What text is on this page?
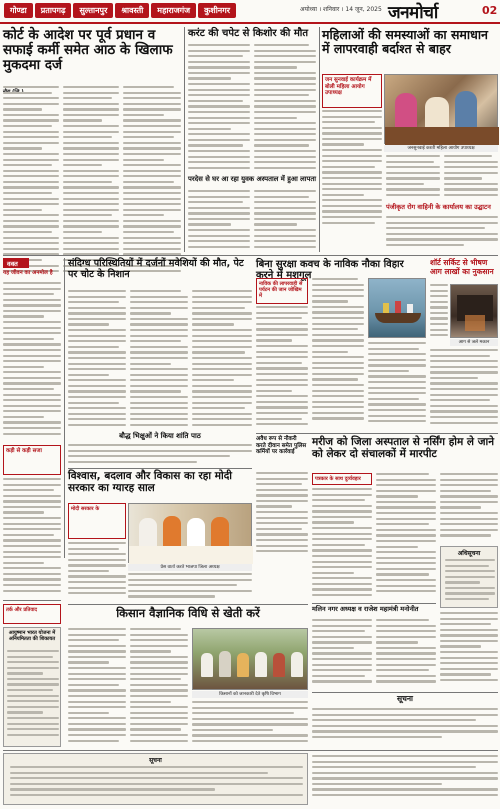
गोण्डा	प्रतापगढ़	सुल्तानपुर	श्रावस्ती	महाराजगंज	कुशीनगर	अयोध्या । शनिवार । 14 जून, 2025 जनमोर्चा	02
कोर्ट के आदेश पर पूर्व प्रधान व सफाई कर्मी समेत आठ के खिलाफ मुकदमा दर्ज
करंट की चपेट से किशोर की मौत
परदेस से घर आ रहा युवक अस्पताल में हुआ लापता
महिलाओं की समस्याओं का समाधान में लापरवाही बर्दाश्त से बाहर
जन सुनवाई कार्यक्रम में बोली महिला आयोग उपाध्यक्ष
जनसुनवाई करती महिला आयोग उपाध्यक्ष
पंजीकृत रोग वाहिनी के कार्यालय का उद्घाटन
वक्त
यह जीवन का अनमोल है
संदिग्ध परिस्थितियों में दर्जनों मवेशियों की मौत, पेट पर चोट के निशान
बौद्ध भिक्षुओं ने किया शांति पाठ
बिना सुरक्षा कवच के नाविक नौका विहार करने में मशगूल
नाविक की लापरवाही से पर्यटन की जान जोखिम में
शॉर्ट सर्किट से भीषण आग लाखों का नुकसान
आग से जले मकान
अवैध रूप से नौकरी करते दीवान समेत पुलिस कर्मियों पर कार्रवाई
विश्वास, बदलाव और विकास का रहा मोदी सरकार का ग्यारह साल
मोदी सरकार के
प्रेस वार्ता करते भाजपा जिला अध्यक्ष
कड़ी से कड़ी सजा
मरीज को जिला अस्पताल से नर्सिंग होम ले जाने को लेकर दो संचालकों में मारपीट
पत्रकार के साथ दुर्व्यवहार
अधिसूचना
मलिन नगर अध्यक्ष व राजेश महामंत्री मनोनीत
किसान वैज्ञानिक विधि से खेती करें
किसानों को जानकारी देते कृषि विभाग
तर्क और प्रतिवाद
आयुष्मान भारत योजना में अनियमितता की शिकायत
सूचना
सूचना
